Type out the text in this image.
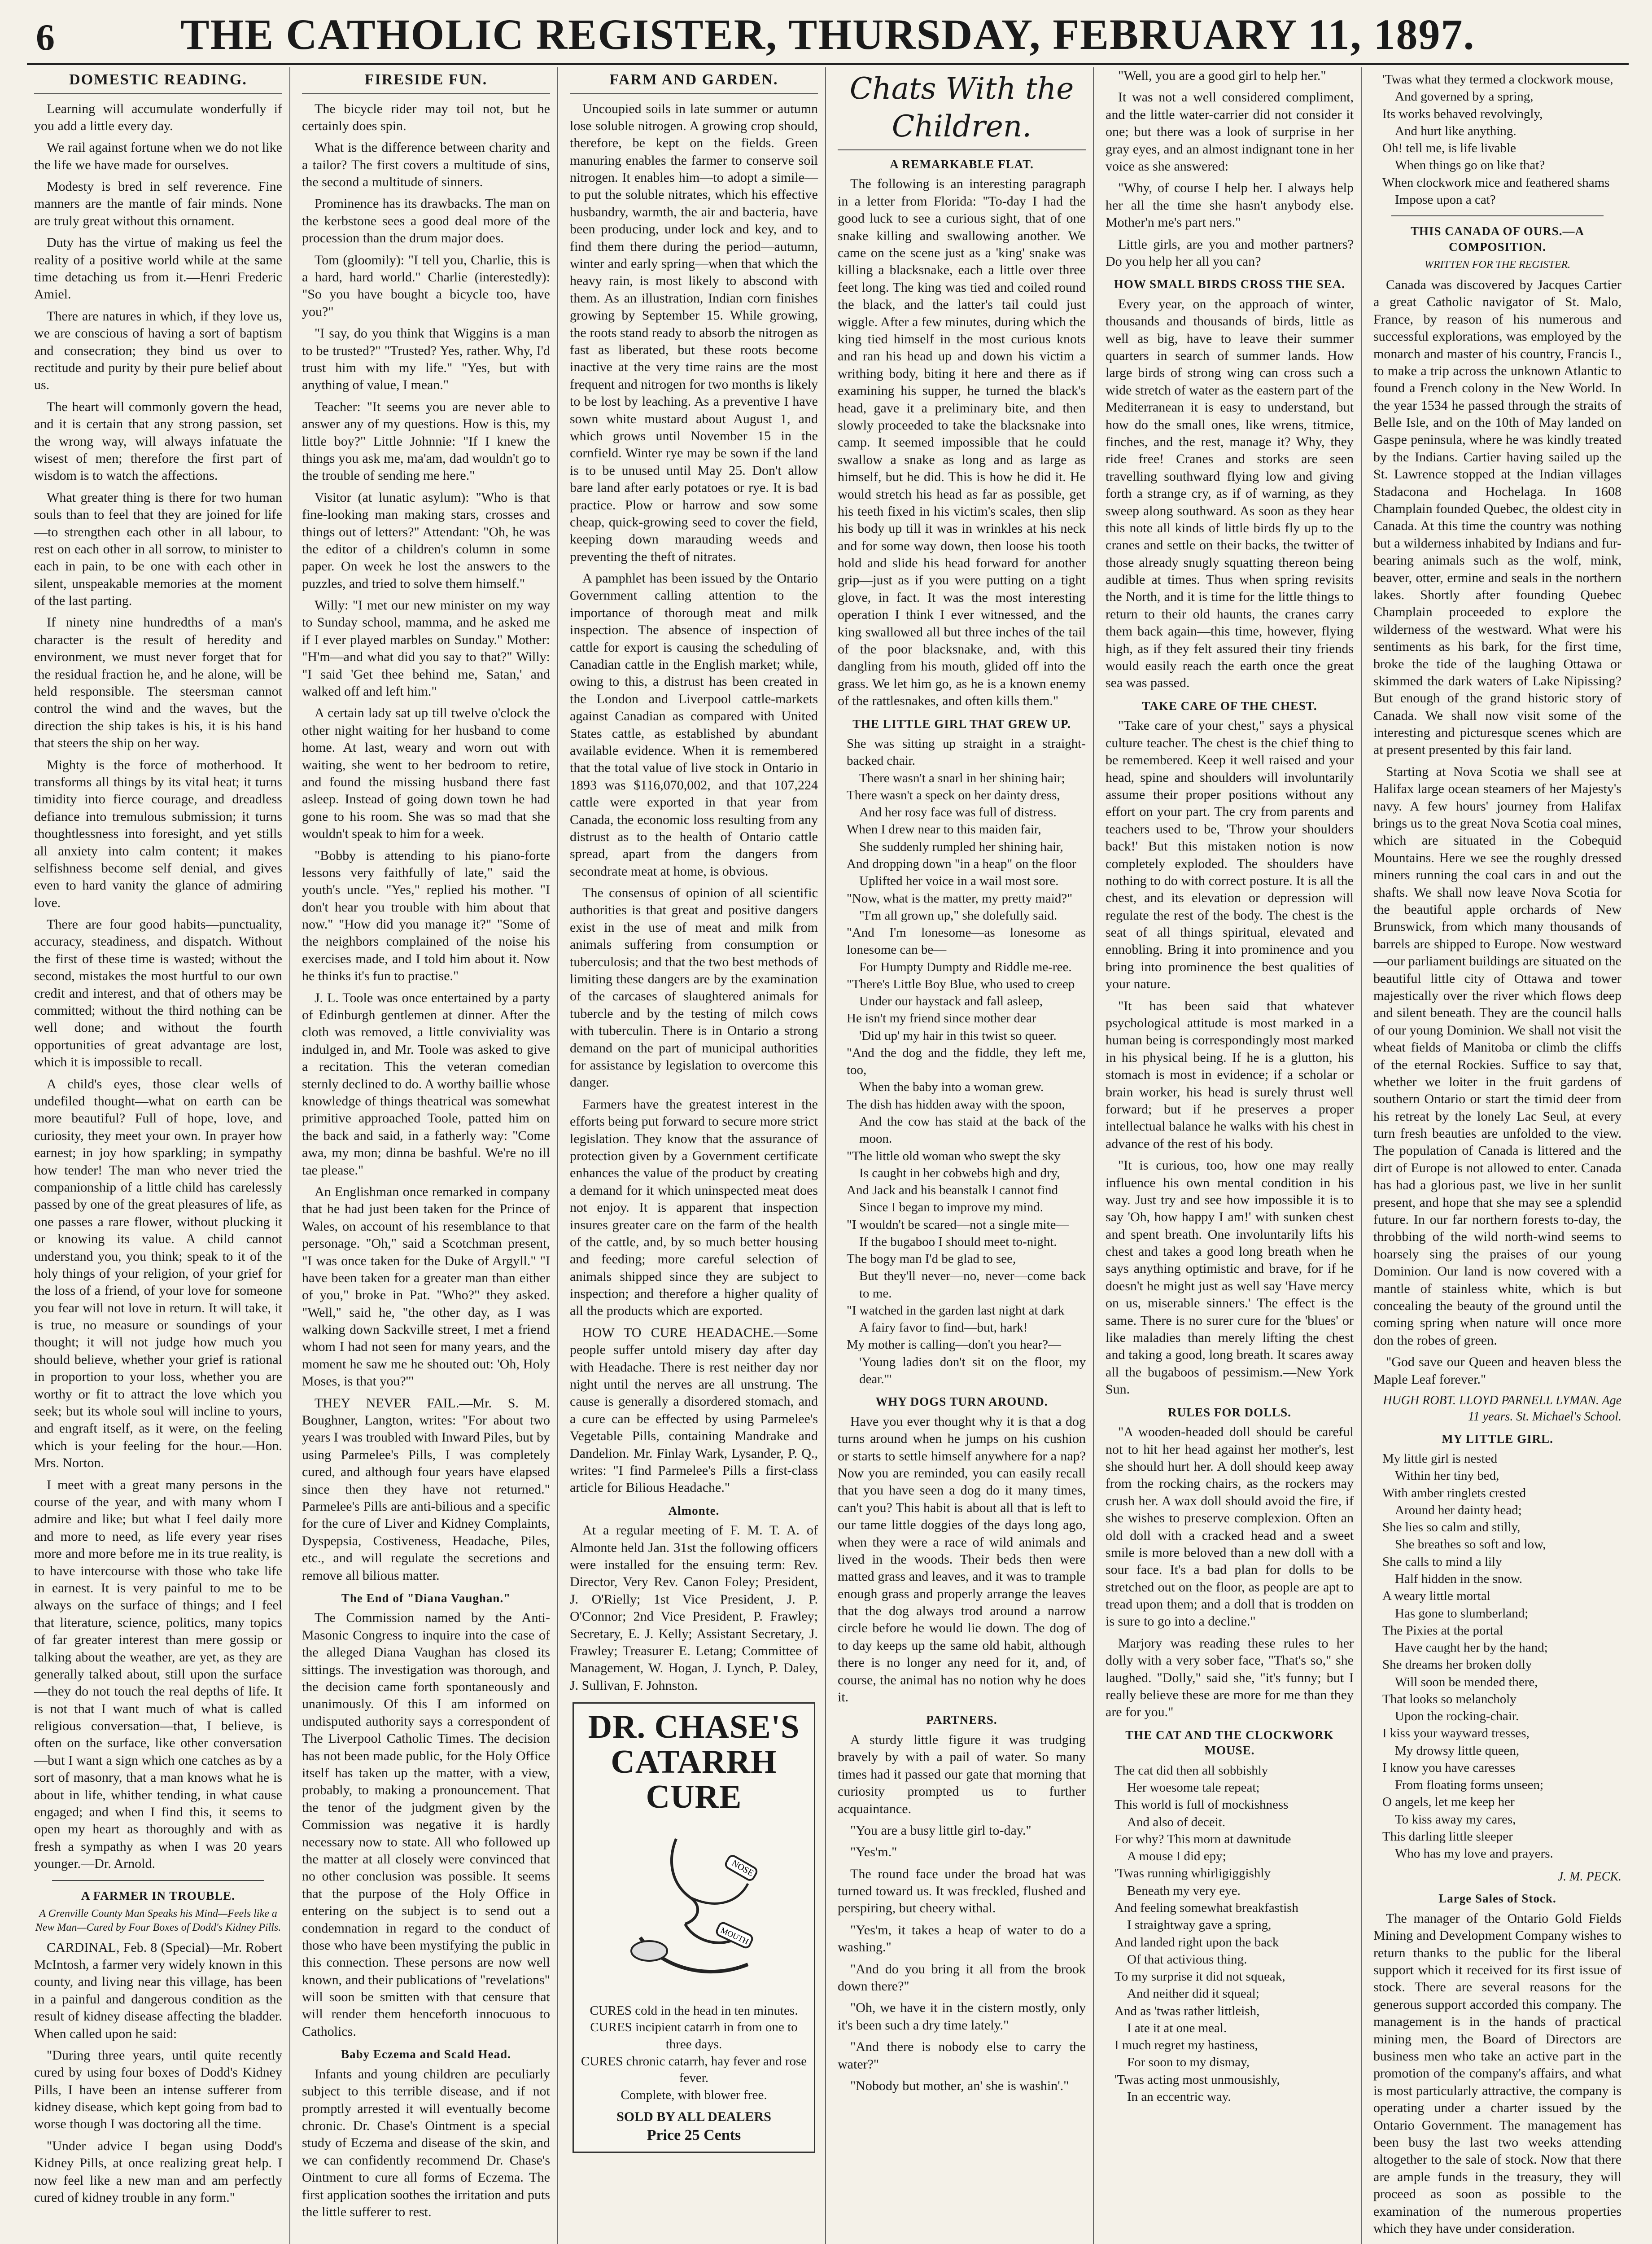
6	THE CATHOLIC REGISTER, THURSDAY, FEBRUARY 11, 1897.
DOMESTIC READING.

Learning will accumulate wonderfully if you add a little every day.

We rail against fortune when we do not like the life we have made for ourselves.

Modesty is bred in self reverence. Fine manners are the mantle of fair minds. None are truly great without this ornament.

Duty has the virtue of making us feel the reality of a positive world while at the same time detaching us from it.—Henri Frederic Amiel.

There are natures in which, if they love us, we are conscious of having a sort of baptism and consecration; they bind us over to rectitude and purity by their pure belief about us.

The heart will commonly govern the head, and it is certain that any strong passion, set the wrong way, will always infatuate the wisest of men; therefore the first part of wisdom is to watch the affections.

What greater thing is there for two human souls than to feel that they are joined for life—to strengthen each other in all labour, to rest on each other in all sorrow, to minister to each in pain, to be one with each other in silent, unspeakable memories at the moment of the last parting.

If ninety nine hundredths of a man's character is the result of heredity and environment, we must never forget that for the residual fraction he, and he alone, will be held responsible. The steersman cannot control the wind and the waves, but the direction the ship takes is his, it is his hand that steers the ship on her way.

Mighty is the force of motherhood. It transforms all things by its vital heat; it turns timidity into fierce courage, and dreadless defiance into tremulous submission; it turns thoughtlessness into foresight, and yet stills all anxiety into calm content; it makes selfishness become self denial, and gives even to hard vanity the glance of admiring love.

There are four good habits—punctuality, accuracy, steadiness, and dispatch. Without the first of these time is wasted; without the second, mistakes the most hurtful to our own credit and interest, and that of others may be committed; without the third nothing can be well done; and without the fourth opportunities of great advantage are lost, which it is impossible to recall.

A child's eyes, those clear wells of undefiled thought—what on earth can be more beautiful? Full of hope, love, and curiosity, they meet your own. In prayer how earnest; in joy how sparkling; in sympathy how tender! The man who never tried the companionship of a little child has carelessly passed by one of the great pleasures of life, as one passes a rare flower, without plucking it or knowing its value. A child cannot understand you, you think; speak to it of the holy things of your religion, of your grief for the loss of a friend, of your love for someone you fear will not love in return. It will take, it is true, no measure or soundings of your thought; it will not judge how much you should believe, whether your grief is rational in proportion to your loss, whether you are worthy or fit to attract the love which you seek; but its whole soul will incline to yours, and engraft itself, as it were, on the feeling which is your feeling for the hour.—Hon. Mrs. Norton.

I meet with a great many persons in the course of the year, and with many whom I admire and like; but what I feel daily more and more to need, as life every year rises more and more before me in its true reality, is to have intercourse with those who take life in earnest. It is very painful to me to be always on the surface of things; and I feel that literature, science, politics, many topics of far greater interest than mere gossip or talking about the weather, are yet, as they are generally talked about, still upon the surface—they do not touch the real depths of life. It is not that I want much of what is called religious conversation—that, I believe, is often on the surface, like other conversation—but I want a sign which one catches as by a sort of masonry, that a man knows what he is about in life, whither tending, in what cause engaged; and when I find this, it seems to open my heart as thoroughly and with as fresh a sympathy as when I was 20 years younger.—Dr. Arnold.

A FARMER IN TROUBLE.
A Grenville County Man Speaks his Mind—Feels like a New Man—Cured by Four Boxes of Dodd's Kidney Pills.

CARDINAL, Feb. 8 (Special)—Mr. Robert McIntosh, a farmer very widely known in this county, and living near this village, has been in a painful and dangerous condition as the result of kidney disease affecting the bladder. When called upon he said:

"During three years, until quite recently cured by using four boxes of Dodd's Kidney Pills, I have been an intense sufferer from kidney disease, which kept going from bad to worse though I was doctoring all the time.

"Under advice I began using Dodd's Kidney Pills, at once realizing great help. I now feel like a new man and am perfectly cured of kidney trouble in any form."

FIRESIDE FUN.

The bicycle rider may toil not, but he certainly does spin.

What is the difference between charity and a tailor? The first covers a multitude of sins, the second a multitude of sinners.

Prominence has its drawbacks. The man on the kerbstone sees a good deal more of the procession than the drum major does.

Tom (gloomily): "I tell you, Charlie, this is a hard, hard world." Charlie (interestedly): "So you have bought a bicycle too, have you?"

"I say, do you think that Wiggins is a man to be trusted?" "Trusted? Yes, rather. Why, I'd trust him with my life." "Yes, but with anything of value, I mean."

Teacher: "It seems you are never able to answer any of my questions. How is this, my little boy?" Little Johnnie: "If I knew the things you ask me, ma'am, dad wouldn't go to the trouble of sending me here."

Visitor (at lunatic asylum): "Who is that fine-looking man making stars, crosses and things out of letters?" Attendant: "Oh, he was the editor of a children's column in some paper. On week he lost the answers to the puzzles, and tried to solve them himself."

Willy: "I met our new minister on my way to Sunday school, mamma, and he asked me if I ever played marbles on Sunday." Mother: "H'm—and what did you say to that?" Willy: "I said 'Get thee behind me, Satan,' and walked off and left him."

A certain lady sat up till twelve o'clock the other night waiting for her husband to come home. At last, weary and worn out with waiting, she went to her bedroom to retire, and found the missing husband there fast asleep. Instead of going down town he had gone to his room. She was so mad that she wouldn't speak to him for a week.

"Bobby is attending to his piano-forte lessons very faithfully of late," said the youth's uncle. "Yes," replied his mother. "I don't hear you trouble with him about that now." "How did you manage it?" "Some of the neighbors complained of the noise his exercises made, and I told him about it. Now he thinks it's fun to practise."

J. L. Toole was once entertained by a party of Edinburgh gentlemen at dinner. After the cloth was removed, a little conviviality was indulged in, and Mr. Toole was asked to give a recitation. This the veteran comedian sternly declined to do. A worthy baillie whose knowledge of things theatrical was somewhat primitive approached Toole, patted him on the back and said, in a fatherly way: "Come awa, my mon; dinna be bashful. We're no ill tae please."

An Englishman once remarked in company that he had just been taken for the Prince of Wales, on account of his resemblance to that personage. "Oh," said a Scotchman present, "I was once taken for the Duke of Argyll." "I have been taken for a greater man than either of you," broke in Pat. "Who?" they asked. "Well," said he, "the other day, as I was walking down Sackville street, I met a friend whom I had not seen for many years, and the moment he saw me he shouted out: 'Oh, Holy Moses, is that you?'"

THEY NEVER FAIL.—Mr. S. M. Boughner, Langton, writes: "For about two years I was troubled with Inward Piles, but by using Parmelee's Pills, I was completely cured, and although four years have elapsed since then they have not returned." Parmelee's Pills are anti-bilious and a specific for the cure of Liver and Kidney Complaints, Dyspepsia, Costiveness, Headache, Piles, etc., and will regulate the secretions and remove all bilious matter.

The End of "Diana Vaughan."

The Commission named by the Anti-Masonic Congress to inquire into the case of the alleged Diana Vaughan has closed its sittings. The investigation was thorough, and the decision came forth spontaneously and unanimously. Of this I am informed on undisputed authority says a correspondent of The Liverpool Catholic Times. The decision has not been made public, for the Holy Office itself has taken up the matter, with a view, probably, to making a pronouncement. That the tenor of the judgment given by the Commission was negative it is hardly necessary now to state. All who followed up the matter at all closely were convinced that no other conclusion was possible. It seems that the purpose of the Holy Office in entering on the subject is to send out a condemnation in regard to the conduct of those who have been mystifying the public in this connection. These persons are now well known, and their publications of "revelations" will soon be smitten with that censure that will render them henceforth innocuous to Catholics.

Baby Eczema and Scald Head.

Infants and young children are peculiarly subject to this terrible disease, and if not promptly arrested it will eventually become chronic. Dr. Chase's Ointment is a special study of Eczema and disease of the skin, and we can confidently recommend Dr. Chase's Ointment to cure all forms of Eczema. The first application soothes the irritation and puts the little sufferer to rest.

FARM AND GARDEN.

Uncoupied soils in late summer or autumn lose soluble nitrogen. A growing crop should, therefore, be kept on the fields. Green manuring enables the farmer to conserve soil nitrogen. It enables him—to adopt a simile—to put the soluble nitrates, which his effective husbandry, warmth, the air and bacteria, have been producing, under lock and key, and to find them there during the period—autumn, winter and early spring—when that which the heavy rain, is most likely to abscond with them. As an illustration, Indian corn finishes growing by September 15. While growing, the roots stand ready to absorb the nitrogen as fast as liberated, but these roots become inactive at the very time rains are the most frequent and nitrogen for two months is likely to be lost by leaching. As a preventive I have sown white mustard about August 1, and which grows until November 15 in the cornfield. Winter rye may be sown if the land is to be unused until May 25. Don't allow bare land after early potatoes or rye. It is bad practice. Plow or harrow and sow some cheap, quick-growing seed to cover the field, keeping down marauding weeds and preventing the theft of nitrates.

A pamphlet has been issued by the Ontario Government calling attention to the importance of thorough meat and milk inspection. The absence of inspection of cattle for export is causing the scheduling of Canadian cattle in the English market; while, owing to this, a distrust has been created in the London and Liverpool cattle-markets against Canadian as compared with United States cattle, as established by abundant available evidence. When it is remembered that the total value of live stock in Ontario in 1893 was $116,070,002, and that 107,224 cattle were exported in that year from Canada, the economic loss resulting from any distrust as to the health of Ontario cattle spread, apart from the dangers from secondrate meat at home, is obvious.

The consensus of opinion of all scientific authorities is that great and positive dangers exist in the use of meat and milk from animals suffering from consumption or tuberculosis; and that the two best methods of limiting these dangers are by the examination of the carcases of slaughtered animals for tubercle and by the testing of milch cows with tuberculin. There is in Ontario a strong demand on the part of municipal authorities for assistance by legislation to overcome this danger.

Farmers have the greatest interest in the efforts being put forward to secure more strict legislation. They know that the assurance of protection given by a Government certificate enhances the value of the product by creating a demand for it which uninspected meat does not enjoy. It is apparent that inspection insures greater care on the farm of the health of the cattle, and, by so much better housing and feeding; more careful selection of animals shipped since they are subject to inspection; and therefore a higher quality of all the products which are exported.

HOW TO CURE HEADACHE.—Some people suffer untold misery day after day with Headache. There is rest neither day nor night until the nerves are all unstrung. The cause is generally a disordered stomach, and a cure can be effected by using Parmelee's Vegetable Pills, containing Mandrake and Dandelion. Mr. Finlay Wark, Lysander, P. Q., writes: "I find Parmelee's Pills a first-class article for Bilious Headache."

Almonte.

At a regular meeting of F. M. T. A. of Almonte held Jan. 31st the following officers were installed for the ensuing term: Rev. Director, Very Rev. Canon Foley; President, J. O'Rielly; 1st Vice President, J. P. O'Connor; 2nd Vice President, P. Frawley; Secretary, E. J. Kelly; Assistant Secretary, J. Frawley; Treasurer E. Letang; Committee of Management, W. Hogan, J. Lynch, P. Daley, J. Sullivan, F. Johnston.

DR. CHASE'S
CATARRH CURE
NOSE
MOUTH
CURES cold in the head in ten minutes.
CURES incipient catarrh in from one to three days.
CURES chronic catarrh, hay fever and rose fever.
Complete, with blower free.
SOLD BY ALL DEALERS
Price 25 Cents
Chats With the Children.
A REMARKABLE FLAT.

The following is an interesting paragraph in a letter from Florida: "To-day I had the good luck to see a curious sight, that of one snake killing and swallowing another. We came on the scene just as a 'king' snake was killing a blacksnake, each a little over three feet long. The king was tied and coiled round the black, and the latter's tail could just wiggle. After a few minutes, during which the king tied himself in the most curious knots and ran his head up and down his victim a writhing body, biting it here and there as if examining his supper, he turned the black's head, gave it a preliminary bite, and then slowly proceeded to take the blacksnake into camp. It seemed impossible that he could swallow a snake as long and as large as himself, but he did. This is how he did it. He would stretch his head as far as possible, get his teeth fixed in his victim's scales, then slip his body up till it was in wrinkles at his neck and for some way down, then loose his tooth hold and slide his head forward for another grip—just as if you were putting on a tight glove, in fact. It was the most interesting operation I think I ever witnessed, and the king swallowed all but three inches of the tail of the poor blacksnake, and, with this dangling from his mouth, glided off into the grass. We let him go, as he is a known enemy of the rattlesnakes, and often kills them."

THE LITTLE GIRL THAT GREW UP.
She was sitting up straight in a straight-backed chair.
There wasn't a snarl in her shining hair;
There wasn't a speck on her dainty dress,
And her rosy face was full of distress.
When I drew near to this maiden fair,
She suddenly rumpled her shining hair,
And dropping down "in a heap" on the floor
Uplifted her voice in a wail most sore.
"Now, what is the matter, my pretty maid?"
"I'm all grown up," she dolefully said.
"And I'm lonesome—as lonesome as lonesome can be—
For Humpty Dumpty and Riddle me-ree.
"There's Little Boy Blue, who used to creep
Under our haystack and fall asleep,
He isn't my friend since mother dear
'Did up' my hair in this twist so queer.
"And the dog and the fiddle, they left me, too,
When the baby into a woman grew.
The dish has hidden away with the spoon,
And the cow has staid at the back of the moon.
"The little old woman who swept the sky
Is caught in her cobwebs high and dry,
And Jack and his beanstalk I cannot find
Since I began to improve my mind.
"I wouldn't be scared—not a single mite—
If the bugaboo I should meet to-night.
The bogy man I'd be glad to see,
But they'll never—no, never—come back to me.
"I watched in the garden last night at dark
A fairy favor to find—but, hark!
My mother is calling—don't you hear?—
'Young ladies don't sit on the floor, my dear.'"
WHY DOGS TURN AROUND.

Have you ever thought why it is that a dog turns around when he jumps on his cushion or starts to settle himself anywhere for a nap? Now you are reminded, you can easily recall that you have seen a dog do it many times, can't you? This habit is about all that is left to our tame little doggies of the days long ago, when they were a race of wild animals and lived in the woods. Their beds then were matted grass and leaves, and it was to trample enough grass and properly arrange the leaves that the dog always trod around a narrow circle before he would lie down. The dog of to day keeps up the same old habit, although there is no longer any need for it, and, of course, the animal has no notion why he does it.

PARTNERS.

A sturdy little figure it was trudging bravely by with a pail of water. So many times had it passed our gate that morning that curiosity prompted us to further acquaintance.

"You are a busy little girl to-day."

"Yes'm."

The round face under the broad hat was turned toward us. It was freckled, flushed and perspiring, but cheery withal.

"Yes'm, it takes a heap of water to do a washing."

"And do you bring it all from the brook down there?"

"Oh, we have it in the cistern mostly, only it's been such a dry time lately."

"And there is nobody else to carry the water?"

"Nobody but mother, an' she is washin'."

"Well, you are a good girl to help her."

It was not a well considered compliment, and the little water-carrier did not consider it one; but there was a look of surprise in her gray eyes, and an almost indignant tone in her voice as she answered:

"Why, of course I help her. I always help her all the time she hasn't anybody else. Mother'n me's part ners."

Little girls, are you and mother partners? Do you help her all you can?

HOW SMALL BIRDS CROSS THE SEA.

Every year, on the approach of winter, thousands and thousands of birds, little as well as big, have to leave their summer quarters in search of summer lands. How large birds of strong wing can cross such a wide stretch of water as the eastern part of the Mediterranean it is easy to understand, but how do the small ones, like wrens, titmice, finches, and the rest, manage it? Why, they ride free! Cranes and storks are seen travelling southward flying low and giving forth a strange cry, as if of warning, as they sweep along southward. As soon as they hear this note all kinds of little birds fly up to the cranes and settle on their backs, the twitter of those already snugly squatting thereon being audible at times. Thus when spring revisits the North, and it is time for the little things to return to their old haunts, the cranes carry them back again—this time, however, flying high, as if they felt assured their tiny friends would easily reach the earth once the great sea was passed.

TAKE CARE OF THE CHEST.

"Take care of your chest," says a physical culture teacher. The chest is the chief thing to be remembered. Keep it well raised and your head, spine and shoulders will involuntarily assume their proper positions without any effort on your part. The cry from parents and teachers used to be, 'Throw your shoulders back!' But this mistaken notion is now completely exploded. The shoulders have nothing to do with correct posture. It is all the chest, and its elevation or depression will regulate the rest of the body. The chest is the seat of all things spiritual, elevated and ennobling. Bring it into prominence and you bring into prominence the best qualities of your nature.

"It has been said that whatever psychological attitude is most marked in a human being is correspondingly most marked in his physical being. If he is a glutton, his stomach is most in evidence; if a scholar or brain worker, his head is surely thrust well forward; but if he preserves a proper intellectual balance he walks with his chest in advance of the rest of his body.

"It is curious, too, how one may really influence his own mental condition in his way. Just try and see how impossible it is to say 'Oh, how happy I am!' with sunken chest and spent breath. One involuntarily lifts his chest and takes a good long breath when he says anything optimistic and brave, for if he doesn't he might just as well say 'Have mercy on us, miserable sinners.' The effect is the same. There is no surer cure for the 'blues' or like maladies than merely lifting the chest and taking a good, long breath. It scares away all the bugaboos of pessimism.—New York Sun.

RULES FOR DOLLS.

"A wooden-headed doll should be careful not to hit her head against her mother's, lest she should hurt her. A doll should keep away from the rocking chairs, as the rockers may crush her. A wax doll should avoid the fire, if she wishes to preserve complexion. Often an old doll with a cracked head and a sweet smile is more beloved than a new doll with a sour face. It's a bad plan for dolls to be stretched out on the floor, as people are apt to tread upon them; and a doll that is trodden on is sure to go into a decline."

Marjory was reading these rules to her dolly with a very sober face, "That's so," she laughed. "Dolly," said she, "it's funny; but I really believe these are more for me than they are for you."

THE CAT AND THE CLOCKWORK MOUSE.
The cat did then all sobbishly
Her woesome tale repeat;
This world is full of mockishness
And also of deceit.
For why? This morn at dawnitude
A mouse I did epy;
'Twas running whirligiggishly
Beneath my very eye.
And feeling somewhat breakfastish
I straightway gave a spring,
And landed right upon the back
Of that activious thing.
To my surprise it did not squeak,
And neither did it squeal;
And as 'twas rather littleish,
I ate it at one meal.
I much regret my hastiness,
For soon to my dismay,
'Twas acting most unmousishly,
In an eccentric way.
'Twas what they termed a clockwork mouse,
And governed by a spring,
Its works behaved revolvingly,
And hurt like anything.
Oh! tell me, is life livable
When things go on like that?
When clockwork mice and feathered shams
Impose upon a cat?
THIS CANADA OF OURS.—A COMPOSITION.
WRITTEN FOR THE REGISTER.

Canada was discovered by Jacques Cartier a great Catholic navigator of St. Malo, France, by reason of his numerous and successful explorations, was employed by the monarch and master of his country, Francis I., to make a trip across the unknown Atlantic to found a French colony in the New World. In the year 1534 he passed through the straits of Belle Isle, and on the 10th of May landed on Gaspe peninsula, where he was kindly treated by the Indians. Cartier having sailed up the St. Lawrence stopped at the Indian villages Stadacona and Hochelaga. In 1608 Champlain founded Quebec, the oldest city in Canada. At this time the country was nothing but a wilderness inhabited by Indians and fur-bearing animals such as the wolf, mink, beaver, otter, ermine and seals in the northern lakes. Shortly after founding Quebec Champlain proceeded to explore the wilderness of the westward. What were his sentiments as his bark, for the first time, broke the tide of the laughing Ottawa or skimmed the dark waters of Lake Nipissing? But enough of the grand historic story of Canada. We shall now visit some of the interesting and picturesque scenes which are at present presented by this fair land.

Starting at Nova Scotia we shall see at Halifax large ocean steamers of her Majesty's navy. A few hours' journey from Halifax brings us to the great Nova Scotia coal mines, which are situated in the Cobequid Mountains. Here we see the roughly dressed miners running the coal cars in and out the shafts. We shall now leave Nova Scotia for the beautiful apple orchards of New Brunswick, from which many thousands of barrels are shipped to Europe. Now westward—our parliament buildings are situated on the beautiful little city of Ottawa and tower majestically over the river which flows deep and silent beneath. They are the council halls of our young Dominion. We shall not visit the wheat fields of Manitoba or climb the cliffs of the eternal Rockies. Suffice to say that, whether we loiter in the fruit gardens of southern Ontario or start the timid deer from his retreat by the lonely Lac Seul, at every turn fresh beauties are unfolded to the view. The population of Canada is littered and the dirt of Europe is not allowed to enter. Canada has had a glorious past, we live in her sunlit present, and hope that she may see a splendid future. In our far northern forests to-day, the throbbing of the wild north-wind seems to hoarsely sing the praises of our young Dominion. Our land is now covered with a mantle of stainless white, which is but concealing the beauty of the ground until the coming spring when nature will once more don the robes of green.

"God save our Queen and heaven bless the Maple Leaf forever."

HUGH ROBT. LLOYD PARNELL LYMAN. Age 11 years. St. Michael's School.
MY LITTLE GIRL.
My little girl is nested
Within her tiny bed,
With amber ringlets crested
Around her dainty head;
She lies so calm and stilly,
She breathes so soft and low,
She calls to mind a lily
Half hidden in the snow.
A weary little mortal
Has gone to slumberland;
The Pixies at the portal
Have caught her by the hand;
She dreams her broken dolly
Will soon be mended there,
That looks so melancholy
Upon the rocking-chair.
I kiss your wayward tresses,
My drowsy little queen,
I know you have caresses
From floating forms unseen;
O angels, let me keep her
To kiss away my cares,
This darling little sleeper
Who has my love and prayers.
J. M. PECK.
Large Sales of Stock.

The manager of the Ontario Gold Fields Mining and Development Company wishes to return thanks to the public for the liberal support which it received for its first issue of stock. There are several reasons for the generous support accorded this company. The management is in the hands of practical mining men, the Board of Directors are business men who take an active part in the promotion of the company's affairs, and what is most particularly attractive, the company is operating under a charter issued by the Ontario Government. The management has been busy the last two weeks attending altogether to the sale of stock. Now that there are ample funds in the treasury, they will proceed as soon as possible to the examination of the numerous properties which they have under consideration.
